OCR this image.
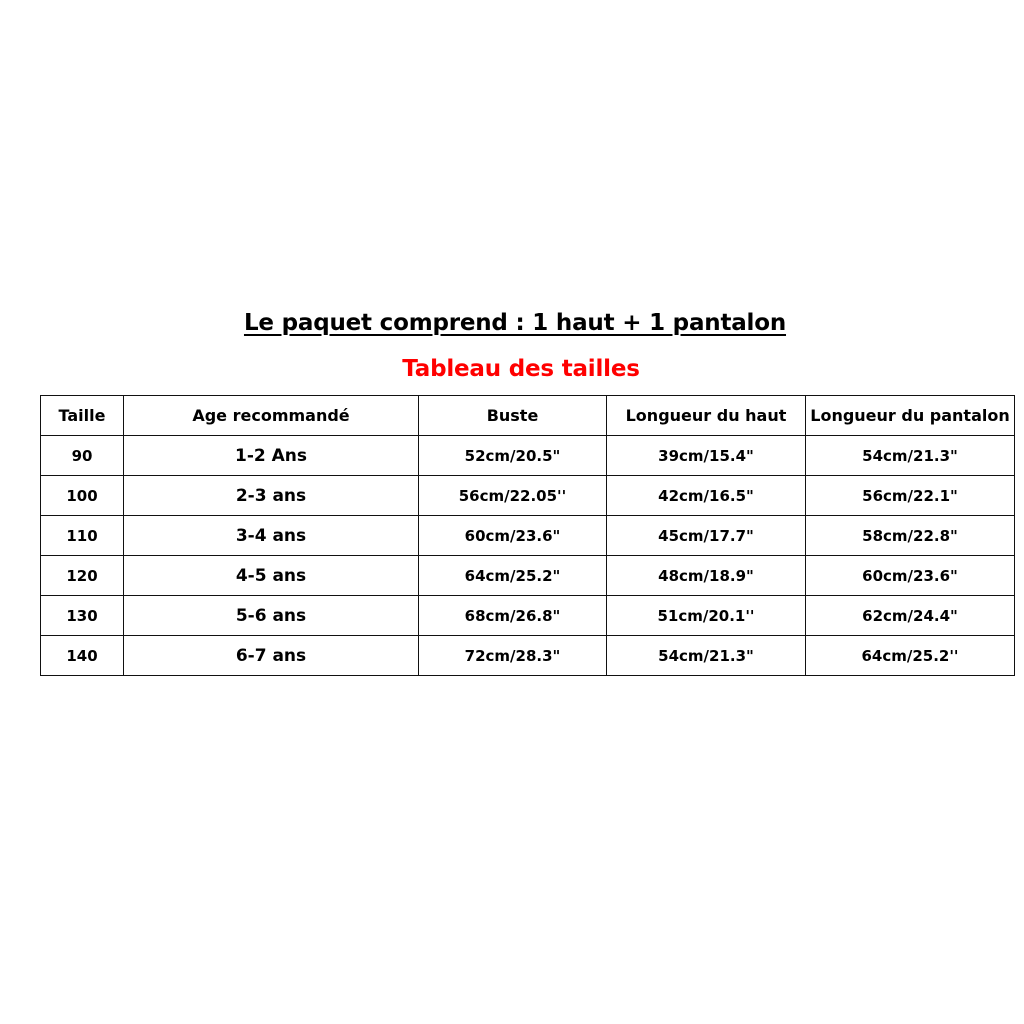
Le paquet comprend : 1 haut + 1 pantalon
Tableau des tailles
Taille	Age recommandé	Buste	Longueur du haut	Longueur du pantalon
90	1-2 Ans	52cm/20.5"	39cm/15.4"	54cm/21.3"
100	2-3 ans	56cm/22.05''	42cm/16.5"	56cm/22.1"
110	3-4 ans	60cm/23.6"	45cm/17.7"	58cm/22.8"
120	4-5 ans	64cm/25.2"	48cm/18.9"	60cm/23.6"
130	5-6 ans	68cm/26.8"	51cm/20.1''	62cm/24.4"
140	6-7 ans	72cm/28.3"	54cm/21.3"	64cm/25.2''
